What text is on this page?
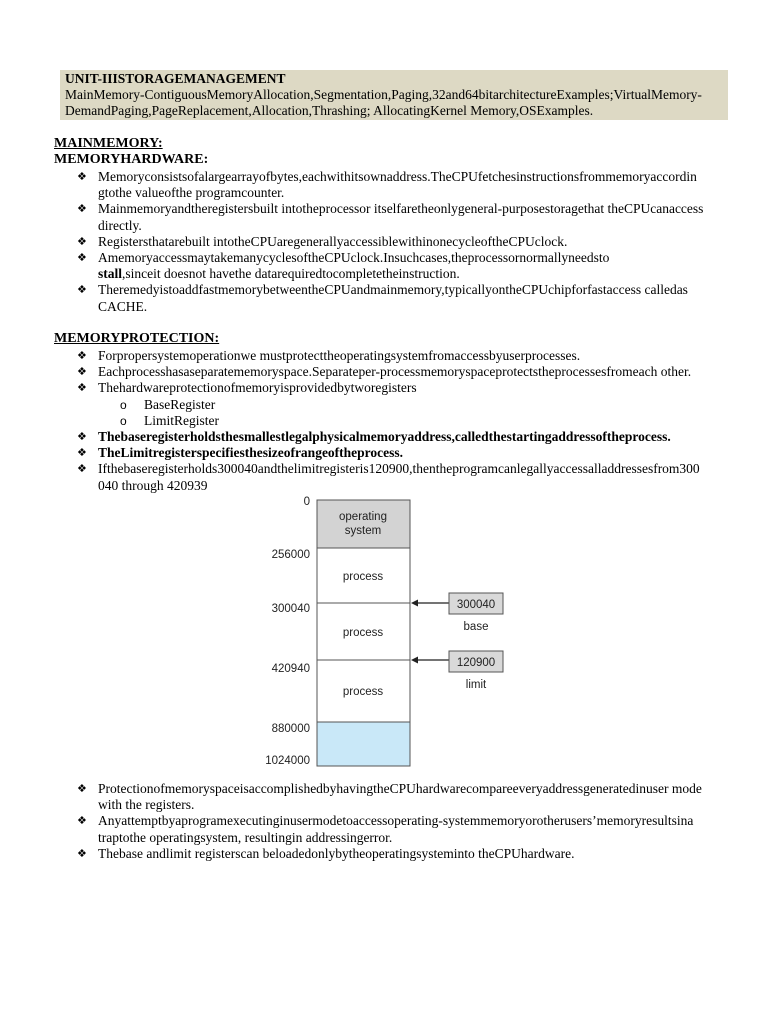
UNIT-IIISTORAGEMANAGEMENT
MainMemory-ContiguousMemoryAllocation,Segmentation,Paging,32and64bitarchitectureExamples;VirtualMemory-DemandPaging,PageReplacement,Allocation,Thrashing; AllocatingKernel Memory,OSExamples.
MAINMEMORY:
MEMORYHARDWARE:
❖ Memoryconsistsofalargearrayofbytes,eachwithitsownaddress.TheCPUfetchesinstructionsfrommemoryaccordin gtothe valueofthe programcounter.
❖ Mainmemoryandtheregistersbuilt intotheprocessor itselfaretheonlygeneral-purposestoragethat theCPUcanaccess directly.
❖ Registersthatarebuilt intotheCPUaregenerallyaccessiblewithinonecycleoftheCPUclock.
❖ AmemoryaccessmaytakemanycyclesoftheCPUclock.Insuchcases,theprocessornormallyneedsto
stall,sinceit doesnot havethe datarequiredtocompletetheinstruction.
❖ TheremedyistoaddfastmemorybetweentheCPUandmainmemory,typicallyontheCPUchipforfastaccess calledas CACHE.
MEMORYPROTECTION:
❖ Forpropersystemoperationwe mustprotecttheoperatingsystemfromaccessbyuserprocesses.
❖ Eachprocesshasaseparatememoryspace.Separateper-processmemoryspaceprotectstheprocessesfromeach other.
❖ Thehardwareprotectionofmemoryisprovidedbytworegisters
o BaseRegister
o LimitRegister
❖ Thebaseregisterholdsthesmallestlegalphysicalmemoryaddress,calledthestartingaddressoftheprocess.
❖ TheLimitregisterspecifiesthesizeofrangeoftheprocess.
❖ Ifthebaseregisterholds300040andthelimitregisteris120900,thentheprogramcanlegallyaccessalladdressesfrom300 040 through 420939
operating
system
process
process
process
0
256000
300040
420940
880000
1024000
300040
base
120900
limit
❖ ProtectionofmemoryspaceisaccomplishedbyhavingtheCPUhardwarecompareeveryaddressgeneratedinuser mode with the registers.
❖ Anyattemptbyaprogramexecutinginusermodetoaccessoperating-systemmemoryorotherusers’memoryresultsina traptothe operatingsystem, resultingin addressingerror.
❖ Thebase andlimit registerscan beloadedonlybytheoperatingsysteminto theCPUhardware.
